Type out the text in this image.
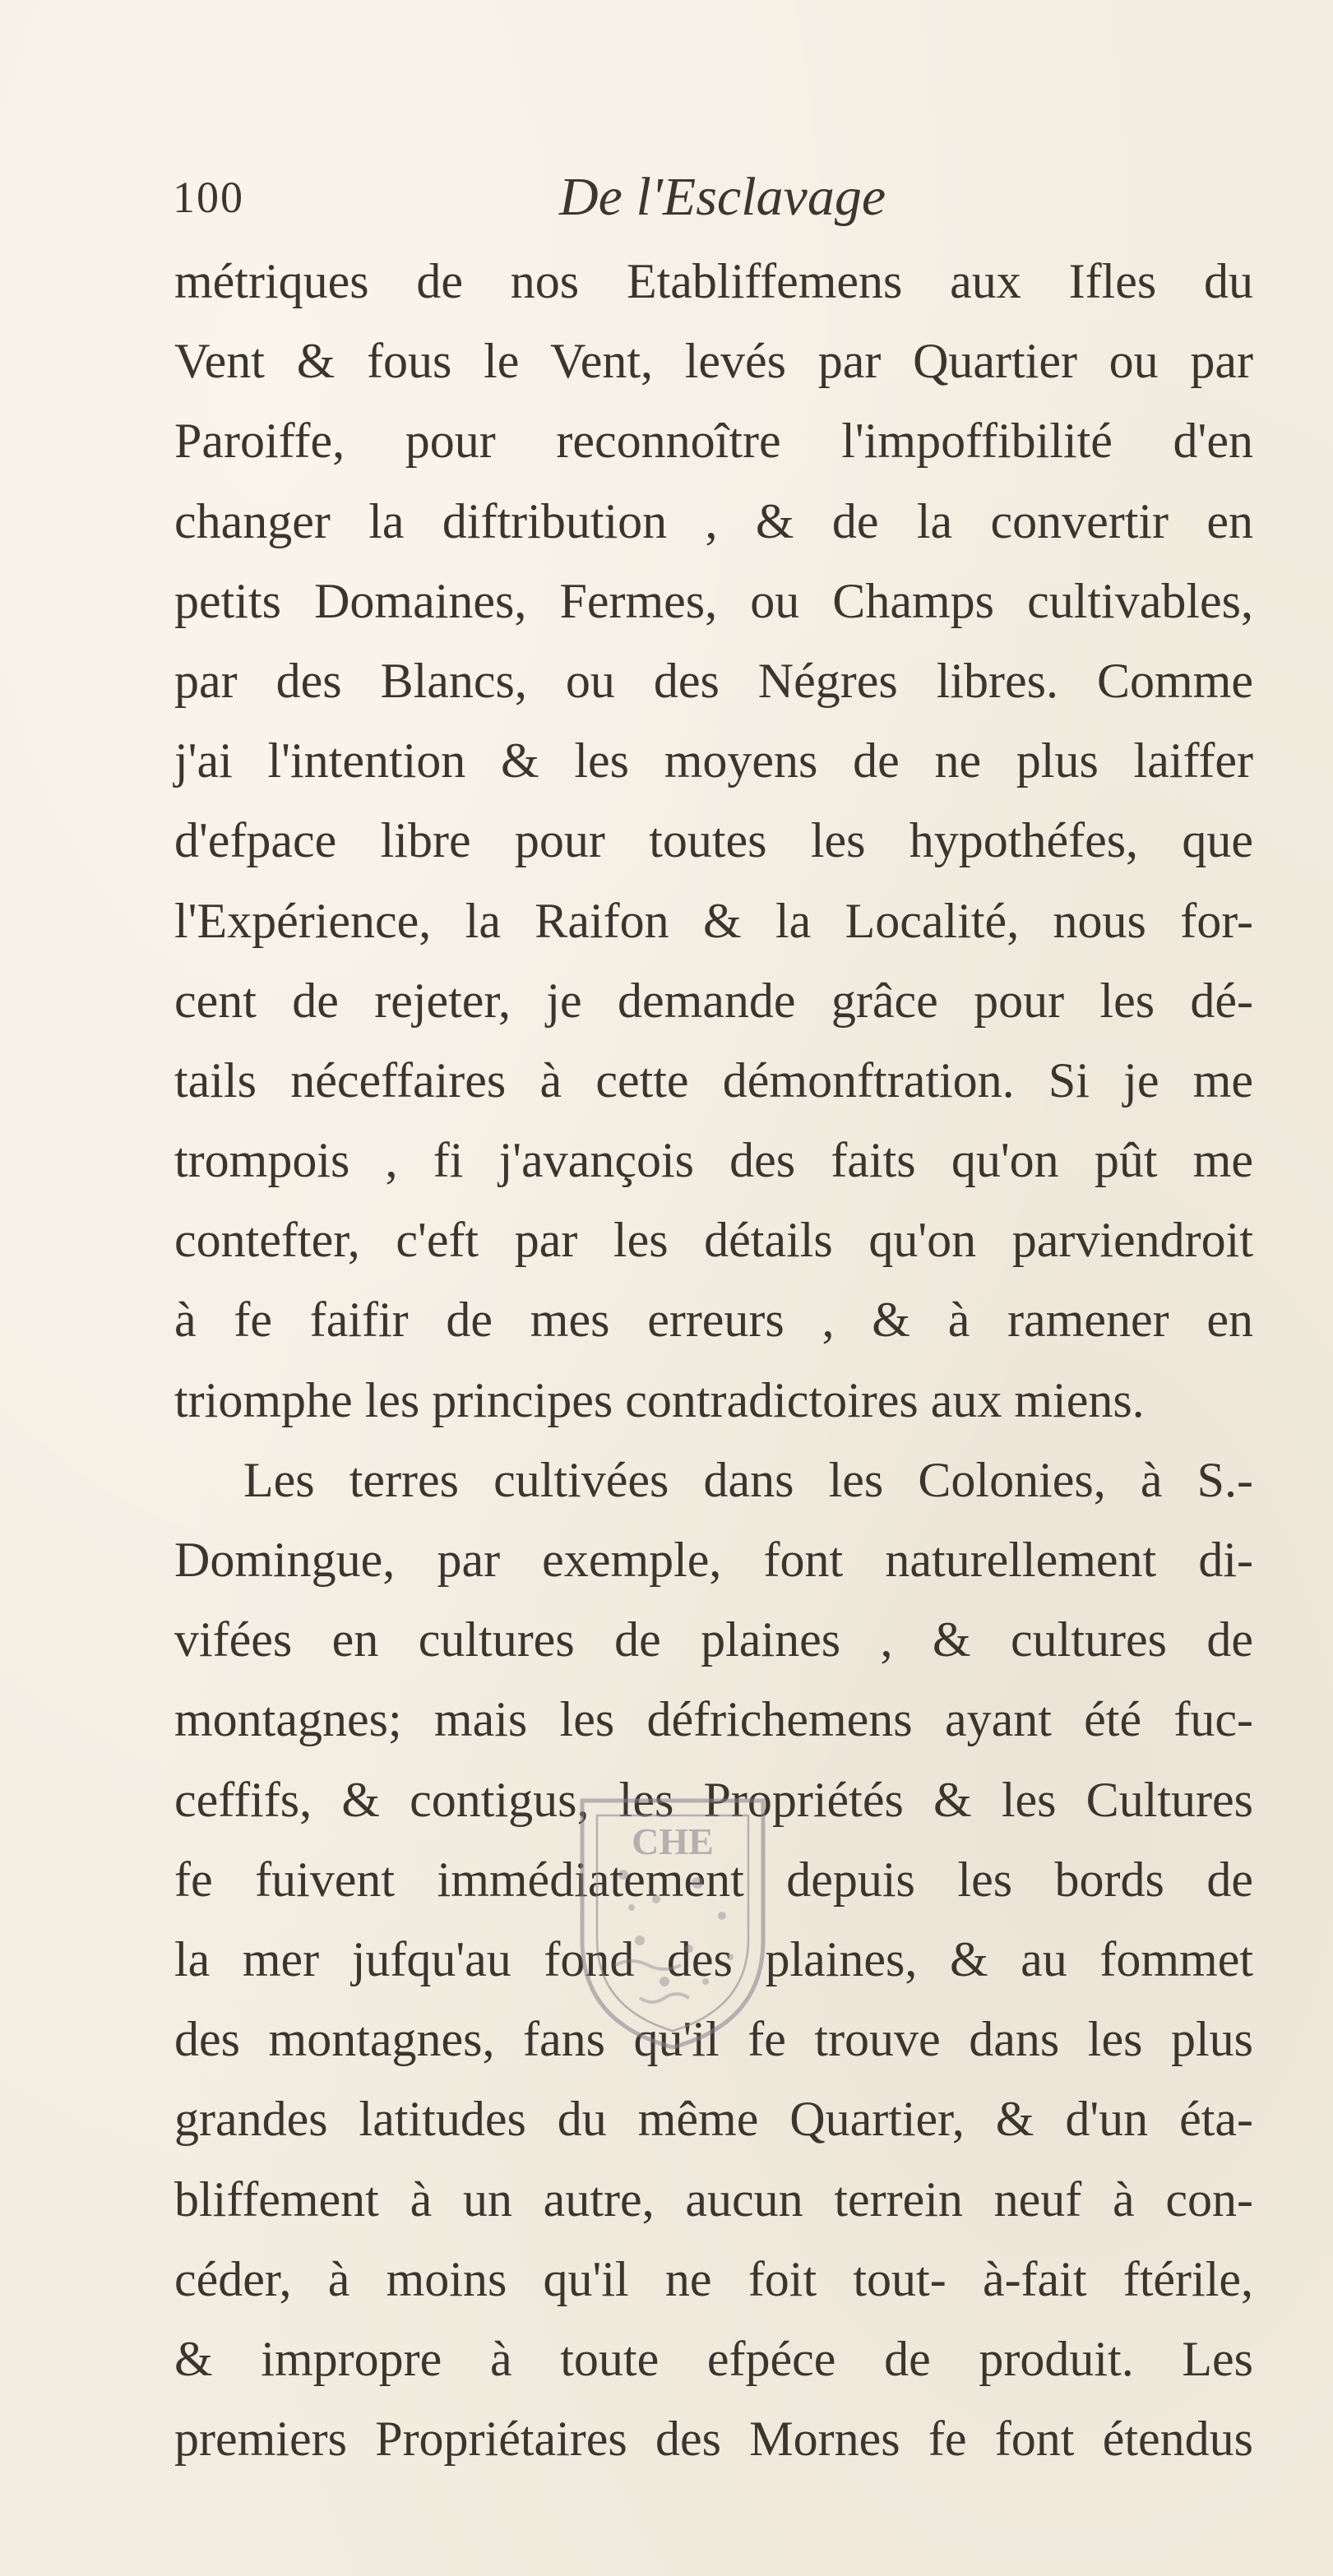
100	De l'Esclavage
métriques de nos Etabliffemens aux Ifles du
Vent & fous le Vent, levés par Quartier ou par
Paroiffe, pour reconnoître l'impoffibilité d'en
changer la diftribution , & de la convertir en
petits Domaines, Fermes, ou Champs cultivables,
par des Blancs, ou des Négres libres. Comme
j'ai l'intention & les moyens de ne plus laiffer
d'efpace libre pour toutes les hypothéfes, que
l'Expérience, la Raifon & la Localité, nous for-
cent de rejeter, je demande grâce pour les dé-
tails néceffaires à cette démonftration. Si je me
trompois , fi j'avançois des faits qu'on pût me
contefter, c'eft par les détails qu'on parviendroit
à fe faifir de mes erreurs , & à ramener en
triomphe les principes contradictoires aux miens.
Les terres cultivées dans les Colonies, à S.-
Domingue, par exemple, font naturellement di-
vifées en cultures de plaines , & cultures de
montagnes; mais les défrichemens ayant été fuc-
ceffifs, & contigus, les Propriétés & les Cultures
fe fuivent immédiatement depuis les bords de
la mer jufqu'au fond des plaines, & au fommet
des montagnes, fans qu'il fe trouve dans les plus
grandes latitudes du même Quartier, & d'un éta-
bliffement à un autre, aucun terrein neuf à con-
céder, à moins qu'il ne foit tout- à-fait ftérile,
& impropre à toute efpéce de produit. Les
premiers Propriétaires des Mornes fe font étendus
CHE
